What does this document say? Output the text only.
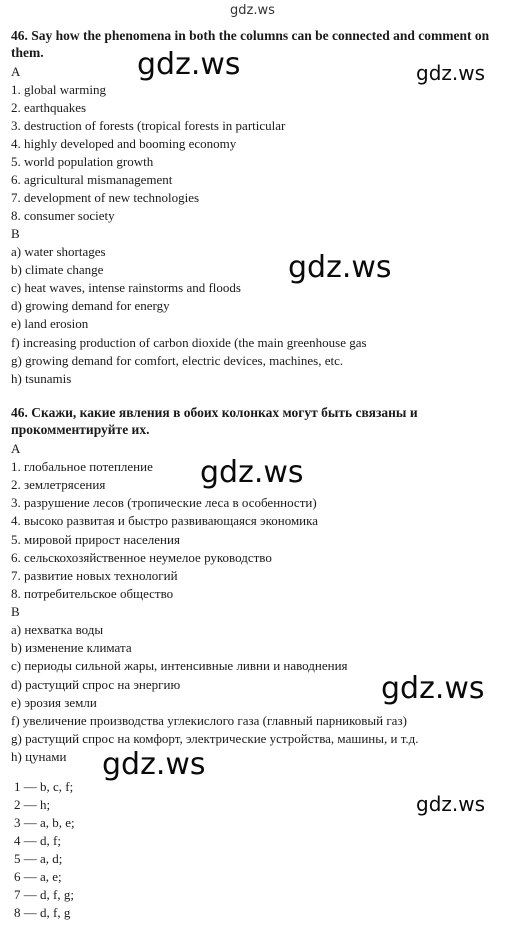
gdz.ws
gdz.ws	gdz.ws
gdz.ws
gdz.ws
gdz.ws
gdz.ws
gdz.ws
46. Say how the phenomena in both the columns can be connected and comment on them.
A
1. global warming
2. earthquakes
3. destruction of forests (tropical forests in particular
4. highly developed and booming economy
5. world population growth
6. agricultural mismanagement
7. development of new technologies
8. consumer society
B
a) water shortages
b) climate change
c) heat waves, intense rainstorms and floods
d) growing demand for energy
e) land erosion
f) increasing production of carbon dioxide (the main greenhouse gas
g) growing demand for comfort, electric devices, machines, etc.
h) tsunamis
46. Скажи, какие явления в обоих колонках могут быть связаны и прокомментируйте их.
A
1. глобальное потепление
2. землетрясения
3. разрушение лесов (тропические леса в особенности)
4. высоко развитая и быстро развивающаяся экономика
5. мировой прирост населения
6. сельскохозяйственное неумелое руководство
7. развитие новых технологий
8. потребительское общество
B
a) нехватка воды
b) изменение климата
c) периоды сильной жары, интенсивные ливни и наводнения
d) растущий спрос на энергию
e) эрозия земли
f) увеличение производства углекислого газа (главный парниковый газ)
g) растущий спрос на комфорт, электрические устройства, машины, и т.д.
h) цунами
1 — b, c, f;
2 — h;
3 — a, b, e;
4 — d, f;
5 — a, d;
6 — a, e;
7 — d, f, g;
8 — d, f, g
